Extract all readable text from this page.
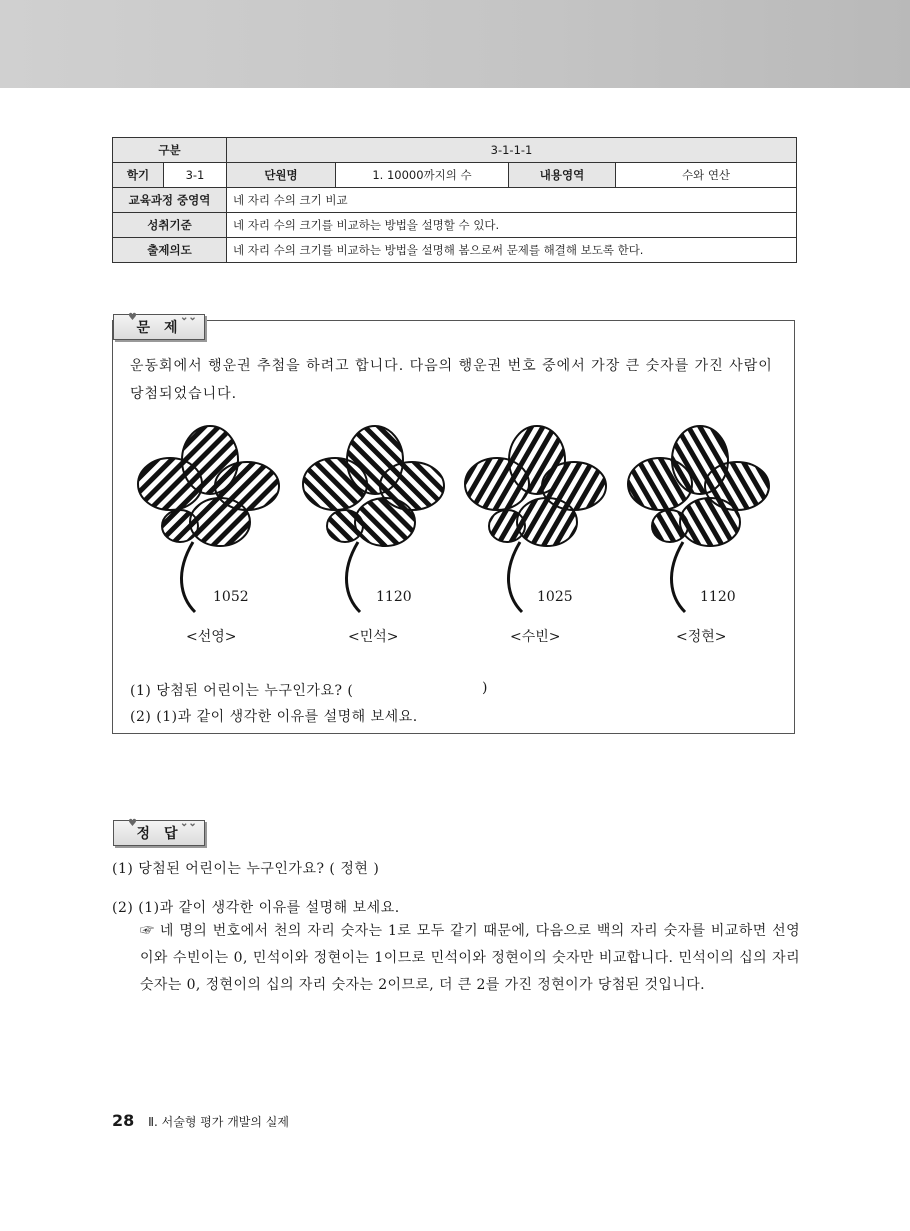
구분		3-1-1-1			
학기	3-1	단원명	1. 10000까지의 수	내용영역	수와 연산
교육과정 중영역		네 자리 수의 크기 비교			
성취기준		네 자리 수의 크기를 비교하는 방법을 설명할 수 있다.			
출제의도		네 자리 수의 크기를 비교하는 방법을 설명해 봄으로써 문제를 해결해 보도록 한다.			
♥	⌄⌄
문제

운동회에서 행운권 추첨을 하려고 합니다. 다음의 행운권 번호 중에서 가장 큰 숫자를 가진 사람이 당첨되었습니다.

1052	1120	1025	1120
<선영>	<민석>	<수빈>	<정현>
(1) 당첨된 어린이는 누구인가요? (	)
(2) (1)과 같이 생각한 이유를 설명해 보세요.
♥	⌄⌄
정답
(1) 당첨된 어린이는 누구인가요? ( 정현 )
(2) (1)과 같이 생각한 이유를 설명해 보세요.

☞ 네 명의 번호에서 천의 자리 숫자는 1로 모두 같기 때문에, 다음으로 백의 자리 숫자를 비교하면 선영이와 수빈이는 0, 민석이와 정현이는 1이므로 민석이와 정현이의 숫자만 비교합니다. 민석이의 십의 자리 숫자는 0, 정현이의 십의 자리 숫자는 2이므로, 더 큰 2를 가진 정현이가 당첨된 것입니다.

28 Ⅱ. 서술형 평가 개발의 실제
